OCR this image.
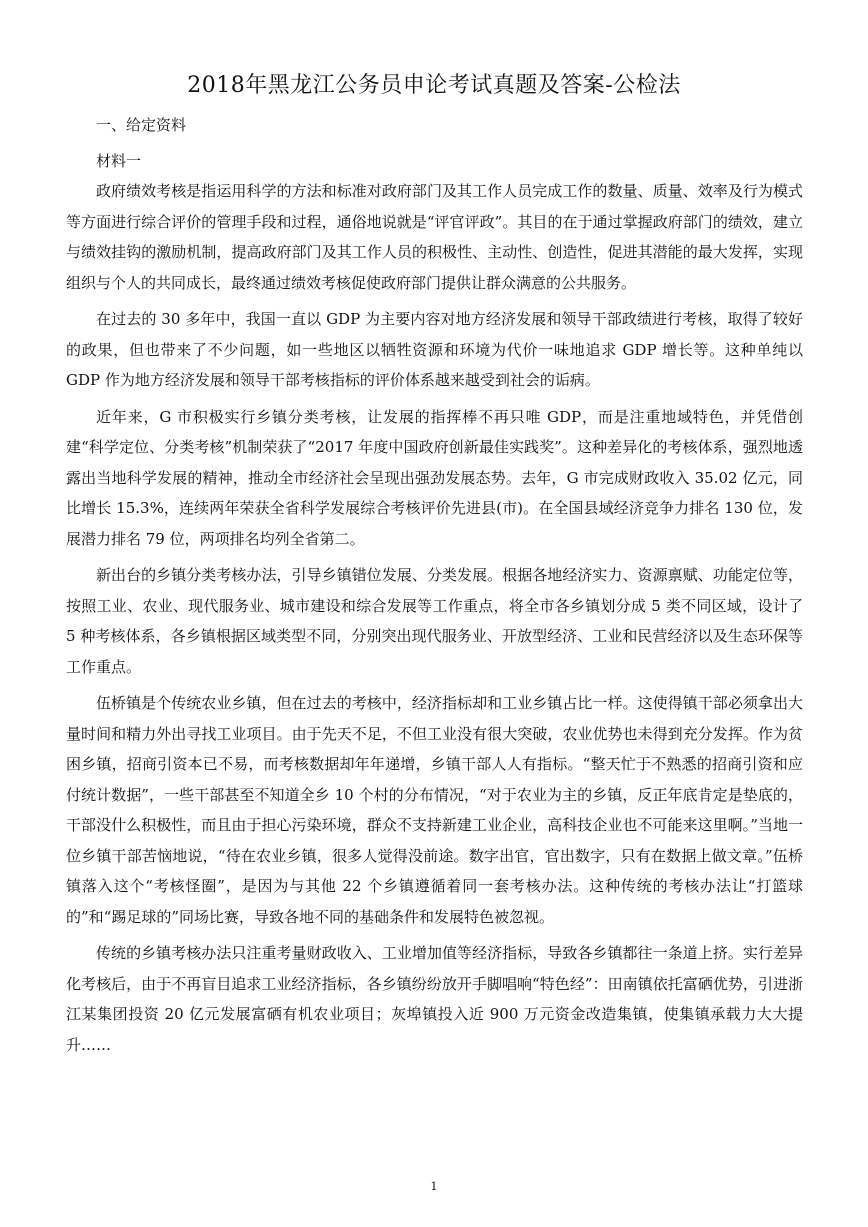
2018年黑龙江公务员申论考试真题及答案-公检法
一、给定资料
材料一

政府绩效考核是指运用科学的方法和标准对政府部门及其工作人员完成工作的数量、质量、效率及行为模式等方面进行综合评价的管理手段和过程，通俗地说就是“评官评政”。其目的在于通过掌握政府部门的绩效，建立与绩效挂钩的激励机制，提高政府部门及其工作人员的积极性、主动性、创造性，促进其潜能的最大发挥，实现组织与个人的共同成长，最终通过绩效考核促使政府部门提供让群众满意的公共服务。

在过去的 30 多年中，我国一直以 GDP 为主要内容对地方经济发展和领导干部政绩进行考核，取得了较好的政果，但也带来了不少问题，如一些地区以牺牲资源和环境为代价一味地追求 GDP 增长等。这种单纯以 GDP 作为地方经济发展和领导干部考核指标的评价体系越来越受到社会的诟病。

近年来，G 市积极实行乡镇分类考核，让发展的指挥棒不再只唯 GDP，而是注重地域特色，并凭借创建“科学定位、分类考核”机制荣获了“2017 年度中国政府创新最佳实践奖”。这种差异化的考核体系，强烈地透露出当地科学发展的精神，推动全市经济社会呈现出强劲发展态势。去年，G 市完成财政收入 35.02 亿元，同比增长 15.3%，连续两年荣获全省科学发展综合考核评价先进县(市)。在全国县域经济竞争力排名 130 位，发展潜力排名 79 位，两项排名均列全省第二。

新出台的乡镇分类考核办法，引导乡镇错位发展、分类发展。根据各地经济实力、资源禀赋、功能定位等，按照工业、农业、现代服务业、城市建设和综合发展等工作重点，将全市各乡镇划分成 5 类不同区域，设计了 5 种考核体系，各乡镇根据区域类型不同，分别突出现代服务业、开放型经济、工业和民营经济以及生态环保等工作重点。

伍桥镇是个传统农业乡镇，但在过去的考核中，经济指标却和工业乡镇占比一样。这使得镇干部必须拿出大量时间和精力外出寻找工业项目。由于先天不足，不但工业没有很大突破，农业优势也未得到充分发挥。作为贫困乡镇，招商引资本已不易，而考核数据却年年递增，乡镇干部人人有指标。“整天忙于不熟悉的招商引资和应付统计数据”，一些干部甚至不知道全乡 10 个村的分布情况，“对于农业为主的乡镇，反正年底肯定是垫底的，干部没什么积极性，而且由于担心污染环境，群众不支持新建工业企业，高科技企业也不可能来这里啊。”当地一位乡镇干部苦恼地说，“待在农业乡镇，很多人觉得没前途。数字出官，官出数字，只有在数据上做文章。”伍桥镇落入这个“考核怪圈”，是因为与其他 22 个乡镇遵循着同一套考核办法。这种传统的考核办法让“打篮球的”和“踢足球的”同场比赛，导致各地不同的基础条件和发展特色被忽视。

传统的乡镇考核办法只注重考量财政收入、工业增加值等经济指标，导致各乡镇都往一条道上挤。实行差异化考核后，由于不再盲目追求工业经济指标，各乡镇纷纷放开手脚唱响“特色经”：田南镇依托富硒优势，引进浙江某集团投资 20 亿元发展富硒有机农业项目；灰埠镇投入近 900 万元资金改造集镇，使集镇承载力大大提升……

1
